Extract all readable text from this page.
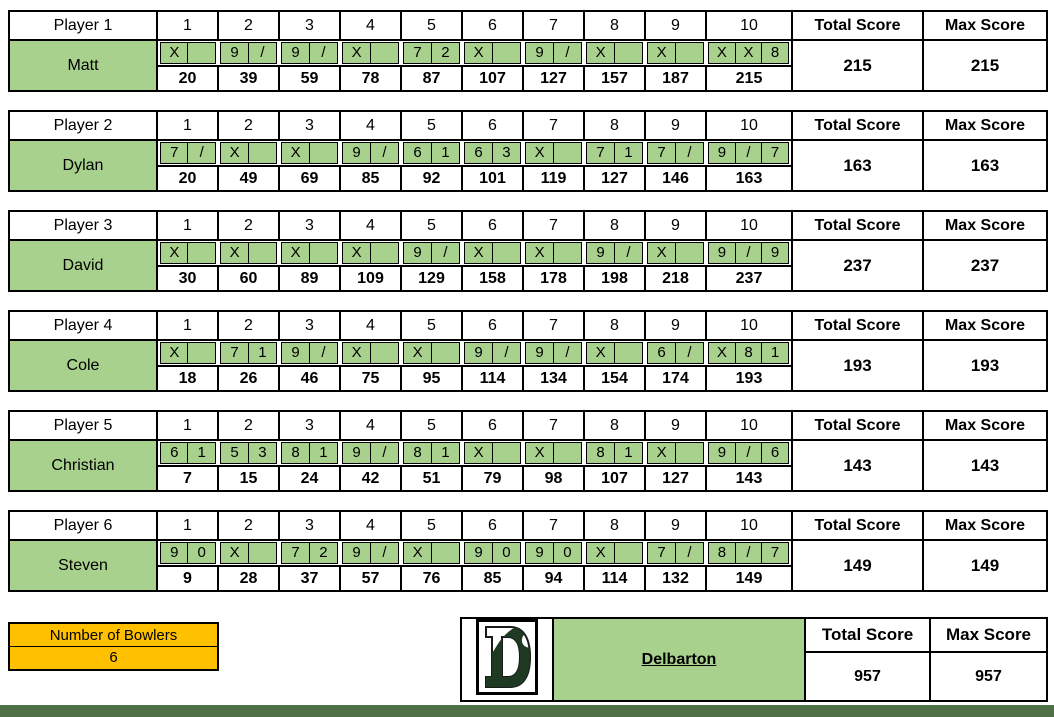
Player 1	1	2	3	4	5	6	7	8	9	10	Total Score	Max Score
Matt	X	9 /	9 /	X	7 2	X	9 /	X	X	X X 8	215	215
	20	39	59	78	87	107	127	157	187	215		
Player 2	1	2	3	4	5	6	7	8	9	10	Total Score	Max Score
Dylan	7 /	X	X	9 /	6 1	6 3	X	7 1	7 /	9 / 7	163	163
	20	49	69	85	92	101	119	127	146	163		
Player 3	1	2	3	4	5	6	7	8	9	10	Total Score	Max Score
David	X	X	X	X	9 /	X	X	9 /	X	9 / 9	237	237
	30	60	89	109	129	158	178	198	218	237		
Player 4	1	2	3	4	5	6	7	8	9	10	Total Score	Max Score
Cole	X	7 1	9 /	X	X	9 /	9 /	X	6 /	X 8 1	193	193
	18	26	46	75	95	114	134	154	174	193		
Player 5	1	2	3	4	5	6	7	8	9	10	Total Score	Max Score
Christian	6 1	5 3	8 1	9 /	8 1	X	X	8 1	X	9 / 6	143	143
	7	15	24	42	51	79	98	107	127	143		
Player 6	1	2	3	4	5	6	7	8	9	10	Total Score	Max Score
Steven	9 0	X	7 2	9 /	X	9 0	9 0	X	7 /	8 / 7	149	149
	9	28	37	57	76	85	94	114	132	149		
Number of Bowlers
6
		Delbarton	Total Score	Max Score
		957	957
